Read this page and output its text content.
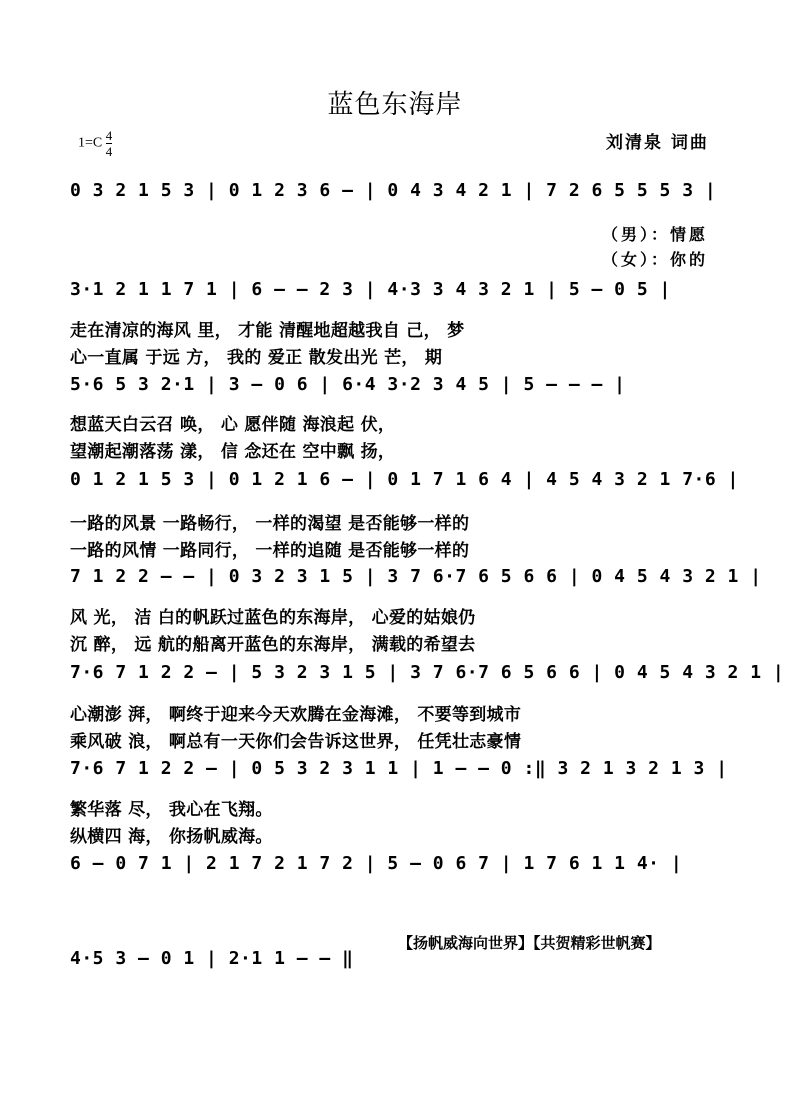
蓝色东海岸
$1=C \frac{4}{4}$	刘清泉 词曲
0 3 2 1 5 3 | 0 1 2 3 6 – | 0 4 3 4 2 1 | 7 2 6 5 5 5 3 |
（男）：情愿
（女）：你的
3·1 2 1 1 7 1 | 6 – – 2 3 | 4·3 3 4 3 2 1 | 5 – 0 5 |
走在清凉的海风 里， 才能 清醒地超越我自 己， 梦
心一直属 于远 方， 我的 爱正 散发出光 芒， 期
5·6 5 3 2·1 | 3 – 0 6 | 6·4 3·2 3 4 5 | 5 – – – |
想蓝天白云召 唤， 心 愿伴随 海浪起 伏，
望潮起潮落荡 漾， 信 念还在 空中飘 扬，
0 1 2 1 5 3 | 0 1 2 1 6 – | 0 1 7 1 6 4 | 4 5 4 3 2 1 7·6 |
一路的风景 一路畅行， 一样的渴望 是否能够一样的
一路的风情 一路同行， 一样的追随 是否能够一样的
7 1 2 2 – – | 0 3 2 3 1 5 | 3 7 6·7 6 5 6 6 | 0 4 5 4 3 2 1 |
风 光， 洁 白的帆跃过蓝色的东海岸， 心爱的姑娘仍
沉 醉， 远 航的船离开蓝色的东海岸， 满载的希望去
7·6 7 1 2 2 – | 5 3 2 3 1 5 | 3 7 6·7 6 5 6 6 | 0 4 5 4 3 2 1 |
心潮澎 湃， 啊终于迎来今天欢腾在金海滩， 不要等到城市
乘风破 浪， 啊总有一天你们会告诉这世界， 任凭壮志豪情
7·6 7 1 2 2 – | 0 5 3 2 3 1 1 | 1 – – 0 :‖ 3 2 1 3 2 1 3 |
繁华落 尽， 我心在飞翔。
纵横四 海， 你扬帆威海。
6 – 0 7 1 | 2 1 7 2 1 7 2 | 5 – 0 6 7 | 1 7 6 1 1 4· |
【扬帆威海向世界】【共贺精彩世帆赛】
4·5 3 – 0 1 | 2·1 1 – – ‖
